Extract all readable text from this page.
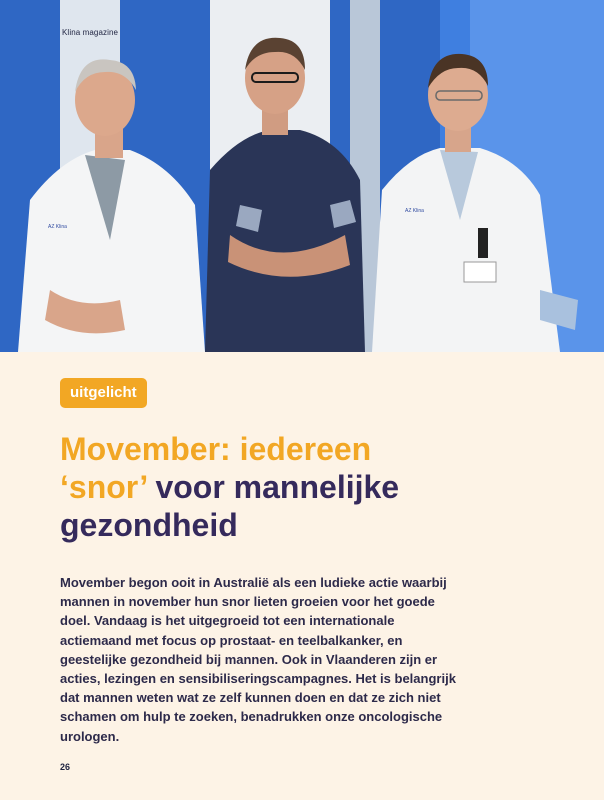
AZ Klina
AZ Klina
Klina magazine
uitgelicht
Movember: iedereen
‘snor’ voor mannelijke
gezondheid

Movember begon ooit in Australië als een ludieke actie waarbij mannen in november hun snor lieten groeien voor het goede doel. Vandaag is het uitgegroeid tot een internationale actiemaand met focus op prostaat- en teelbalkanker, en geestelijke gezondheid bij mannen. Ook in Vlaanderen zijn er acties, lezingen en sensibiliseringscampagnes. Het is belangrijk dat mannen weten wat ze zelf kunnen doen en dat ze zich niet schamen om hulp te zoeken, benadrukken onze oncologische urologen.

26
